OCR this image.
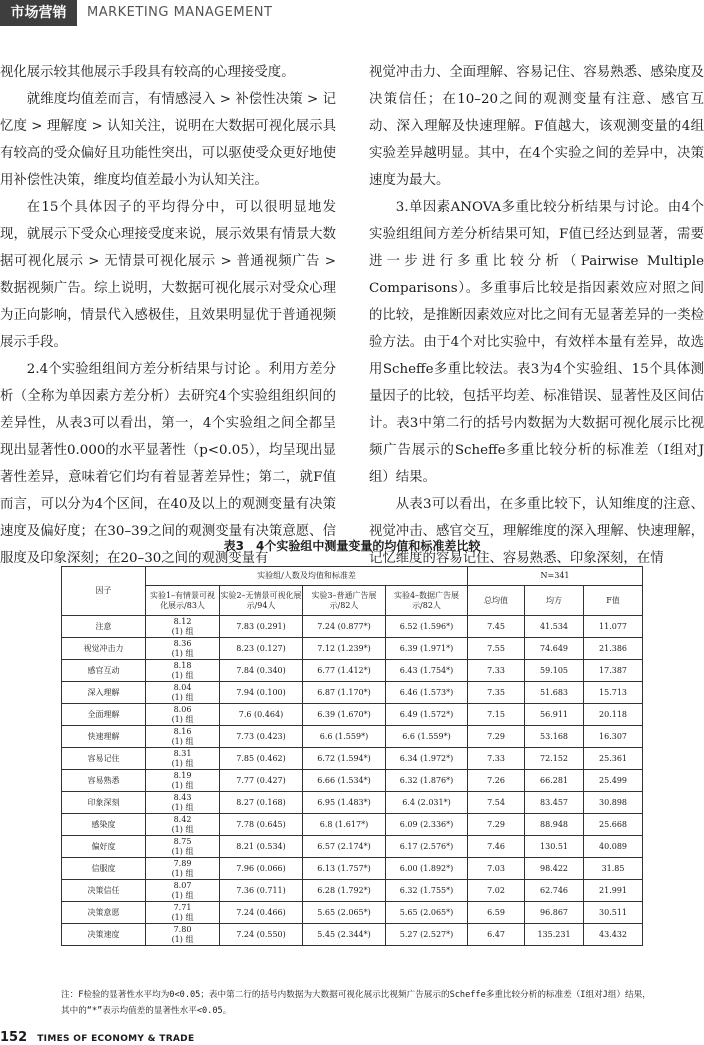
市场营销	MARKETING MANAGEMENT

视化展示较其他展示手段具有较高的心理接受度。

就维度均值差而言，有情感浸入 > 补偿性决策 > 记忆度 > 理解度 > 认知关注，说明在大数据可视化展示具有较高的受众偏好且功能性突出，可以驱使受众更好地使用补偿性决策，维度均值差最小为认知关注。

在15个具体因子的平均得分中，可以很明显地发现，就展示下受众心理接受度来说，展示效果有情景大数据可视化展示 > 无情景可视化展示 > 普通视频广告 > 数据视频广告。综上说明，大数据可视化展示对受众心理为正向影响，情景代入感极佳，且效果明显优于普通视频展示手段。

2.4个实验组组间方差分析结果与讨论 。利用方差分析（全称为单因素方差分析）去研究4个实验组组织间的差异性，从表3可以看出，第一，4个实验组之间全都呈现出显著性0.000的水平显著性（p<0.05），均呈现出显著性差异，意味着它们均有着显著差异性；第二，就F值而言，可以分为4个区间，在40及以上的观测变量有决策速度及偏好度；在30–39之间的观测变量有决策意愿、信服度及印象深刻；在20–30之间的观测变量有

视觉冲击力、全面理解、容易记住、容易熟悉、感染度及决策信任；在10–20之间的观测变量有注意、感官互动、深入理解及快速理解。F值越大，该观测变量的4组实验差异越明显。其中，在4个实验之间的差异中，决策速度为最大。

3.单因素ANOVA多重比较分析结果与讨论。由4个实验组组间方差分析结果可知，F值已经达到显著，需要进一步进行多重比较分析（Pairwise Multiple Comparisons）。多重事后比较是指因素效应对照之间的比较，是推断因素效应对比之间有无显著差异的一类检验方法。由于4个对比实验中，有效样本量有差异，故选用Scheffe多重比较法。表3为4个实验组、15个具体测量因子的比较，包括平均差、标准错误、显著性及区间估计。表3中第二行的括号内数据为大数据可视化展示比视频广告展示的Scheffe多重比较分析的标准差（I组对J组）结果。

从表3可以看出，在多重比较下，认知维度的注意、视觉冲击、感官交互，理解维度的深入理解、快速理解，记忆维度的容易记住、容易熟悉、印象深刻，在情

表3　4个实验组中测量变量的均值和标准差比较
因子	实验组/人数及均值和标准差				N=341		
	实验1–有情景可视化展示/83人	实验2–无情景可视化展示/94人	实验3–普通广告展示/82人	实验4–数据广告展示/82人	总均值	均方	F值
注意	8.12
(1) 组	7.83 (0.291)	7.24 (0.877*)	6.52 (1.596*)	7.45	41.534	11.077
视觉冲击力	8.36
(1) 组	8.23 (0.127)	7.12 (1.239*)	6.39 (1.971*)	7.55	74.649	21.386
感官互动	8.18
(1) 组	7.84 (0.340)	6.77 (1.412*)	6.43 (1.754*)	7.33	59.105	17.387
深入理解	8.04
(1) 组	7.94 (0.100)	6.87 (1.170*)	6.46 (1.573*)	7.35	51.683	15.713
全面理解	8.06
(1) 组	7.6 (0.464)	6.39 (1.670*)	6.49 (1.572*)	7.15	56.911	20.118
快速理解	8.16
(1) 组	7.73 (0.423)	6.6 (1.559*)	6.6 (1.559*)	7.29	53.168	16.307
容易记住	8.31
(1) 组	7.85 (0.462)	6.72 (1.594*)	6.34 (1.972*)	7.33	72.152	25.361
容易熟悉	8.19
(1) 组	7.77 (0.427)	6.66 (1.534*)	6.32 (1.876*)	7.26	66.281	25.499
印象深刻	8.43
(1) 组	8.27 (0.168)	6.95 (1.483*)	6.4 (2.031*)	7.54	83.457	30.898
感染度	8.42
(1) 组	7.78 (0.645)	6.8 (1.617*)	6.09 (2.336*)	7.29	88.948	25.668
偏好度	8.75
(1) 组	8.21 (0.534)	6.57 (2.174*)	6.17 (2.576*)	7.46	130.51	40.089
信服度	7.89
(1) 组	7.96 (0.066)	6.13 (1.757*)	6.00 (1.892*)	7.03	98.422	31.85
决策信任	8.07
(1) 组	7.36 (0.711)	6.28 (1.792*)	6.32 (1.755*)	7.02	62.746	21.991
决策意愿	7.71
(1) 组	7.24 (0.466)	5.65 (2.065*)	5.65 (2.065*)	6.59	96.867	30.511
决策速度	7.80
(1) 组	7.24 (0.550)	5.45 (2.344*)	5.27 (2.527*)	6.47	135.231	43.432
注：F检验的显著性水平均为0<0.05；表中第二行的括号内数据为大数据可视化展示比视频广告展示的Scheffe多重比较分析的标准差（I组对J组）结果，其中的“*”表示均值差的显著性水平<0.05。
152 TIMES OF ECONOMY & TRADE
